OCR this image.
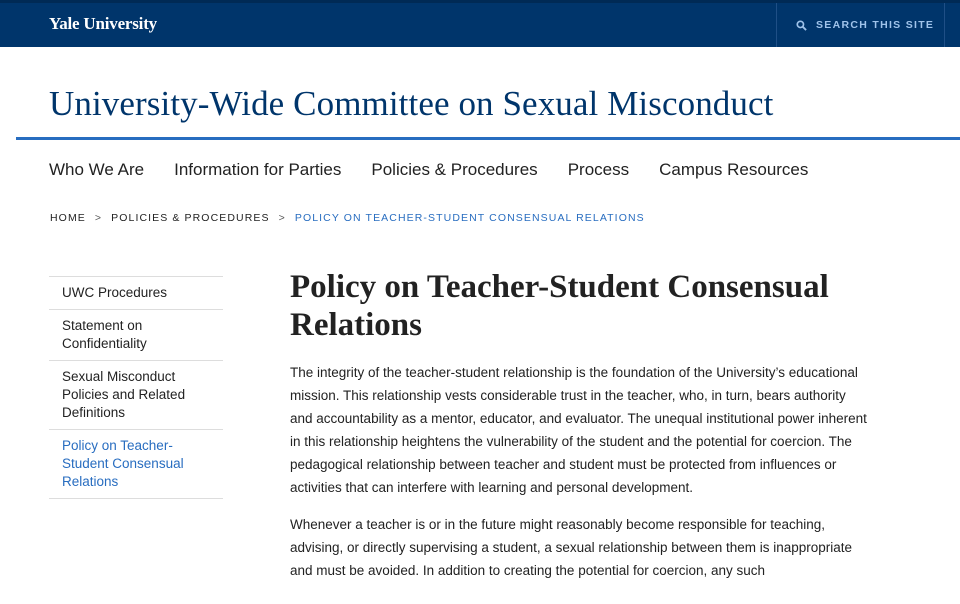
Yale University	SEARCH THIS SITE
University-Wide Committee on Sexual Misconduct
Who We Are Information for Parties Policies & Procedures Process Campus Resources
HOME > POLICIES & PROCEDURES > POLICY ON TEACHER-STUDENT CONSENSUAL RELATIONS
UWC Procedures
Statement on Confidentiality
Sexual Misconduct Policies and Related Definitions
Policy on Teacher-Student Consensual Relations
Policy on Teacher-Student Consensual Relations

The integrity of the teacher-student relationship is the foundation of the University’s educational mission. This relationship vests considerable trust in the teacher, who, in turn, bears authority and accountability as a mentor, educator, and evaluator. The unequal institutional power inherent in this relationship heightens the vulnerability of the student and the potential for coercion. The pedagogical relationship between teacher and student must be protected from influences or activities that can interfere with learning and personal development.

Whenever a teacher is or in the future might reasonably become responsible for teaching, advising, or directly supervising a student, a sexual relationship between them is inappropriate and must be avoided. In addition to creating the potential for coercion, any such
